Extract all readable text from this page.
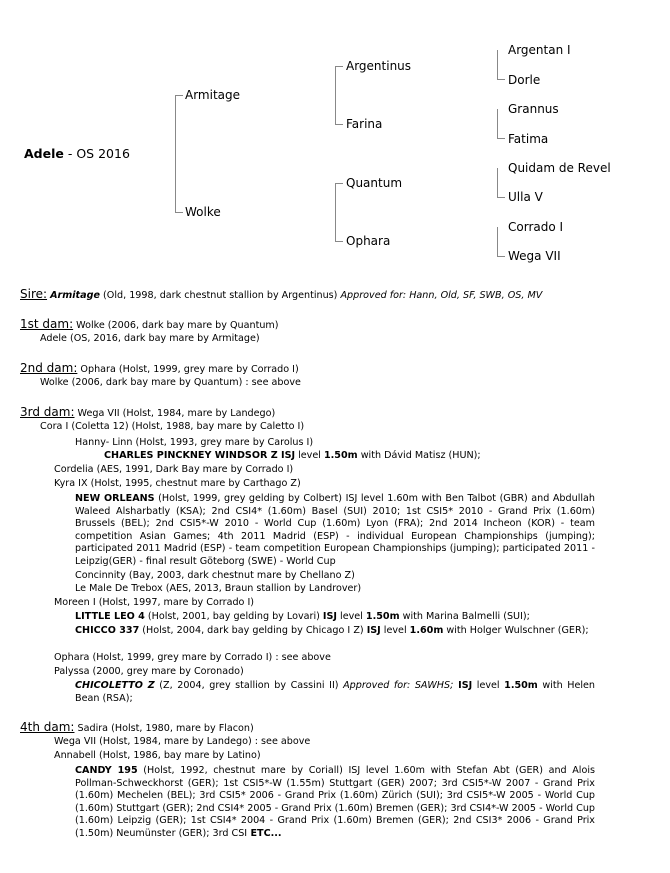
Adele - OS 2016
Armitage
Wolke
Argentinus
Farina
Quantum
Ophara
Argentan I
Dorle
Grannus
Fatima
Quidam de Revel
Ulla V
Corrado I
Wega VII
Sire: Armitage (Old, 1998, dark chestnut stallion by Argentinus) Approved for: Hann, Old, SF, SWB, OS, MV
1st dam: Wolke (2006, dark bay mare by Quantum)
Adele (OS, 2016, dark bay mare by Armitage)
2nd dam: Ophara (Holst, 1999, grey mare by Corrado I)
Wolke (2006, dark bay mare by Quantum) : see above
3rd dam: Wega VII (Holst, 1984, mare by Landego)
Cora I (Coletta 12) (Holst, 1988, bay mare by Caletto I)
Hanny- Linn (Holst, 1993, grey mare by Carolus I)
CHARLES PINCKNEY WINDSOR Z ISJ level 1.50m with Dávid Matisz (HUN);
Cordelia (AES, 1991, Dark Bay mare by Corrado I)
Kyra IX (Holst, 1995, chestnut mare by Carthago Z)
NEW ORLEANS (Holst, 1999, grey gelding by Colbert) ISJ level 1.60m with Ben Talbot (GBR) and Abdullah Waleed Alsharbatly (KSA); 2nd CSI4* (1.60m) Basel (SUI) 2010; 1st CSI5* 2010 - Grand Prix (1.60m) Brussels (BEL); 2nd CSI5*-W 2010 - World Cup (1.60m) Lyon (FRA); 2nd 2014 Incheon (KOR) - team competition Asian Games; 4th 2011 Madrid (ESP) - individual European Championships (jumping); participated 2011 Madrid (ESP) - team competition European Championships (jumping); participated 2011 - Leipzig(GER) - final result Göteborg (SWE) - World Cup
Concinnity (Bay, 2003, dark chestnut mare by Chellano Z)
Le Male De Trebox (AES, 2013, Braun stallion by Landrover)
Moreen I (Holst, 1997, mare by Corrado I)
LITTLE LEO 4 (Holst, 2001, bay gelding by Lovari) ISJ level 1.50m with Marina Balmelli (SUI);
CHICCO 337 (Holst, 2004, dark bay gelding by Chicago I Z) ISJ level 1.60m with Holger Wulschner (GER);
Ophara (Holst, 1999, grey mare by Corrado I) : see above
Palyssa (2000, grey mare by Coronado)
CHICOLETTO Z (Z, 2004, grey stallion by Cassini II) Approved for: SAWHS; ISJ level 1.50m with Helen Bean (RSA);
4th dam: Sadira (Holst, 1980, mare by Flacon)
Wega VII (Holst, 1984, mare by Landego) : see above
Annabell (Holst, 1986, bay mare by Latino)
CANDY 195 (Holst, 1992, chestnut mare by Coriall) ISJ level 1.60m with Stefan Abt (GER) and Alois Pollman-Schweckhorst (GER); 1st CSI5*-W (1.55m) Stuttgart (GER) 2007; 3rd CSI5*-W 2007 - Grand Prix (1.60m) Mechelen (BEL); 3rd CSI5* 2006 - Grand Prix (1.60m) Zürich (SUI); 3rd CSI5*-W 2005 - World Cup (1.60m) Stuttgart (GER); 2nd CSI4* 2005 - Grand Prix (1.60m) Bremen (GER); 3rd CSI4*-W 2005 - World Cup (1.60m) Leipzig (GER); 1st CSI4* 2004 - Grand Prix (1.60m) Bremen (GER); 2nd CSI3* 2006 - Grand Prix (1.50m) Neumünster (GER); 3rd CSI ETC...
